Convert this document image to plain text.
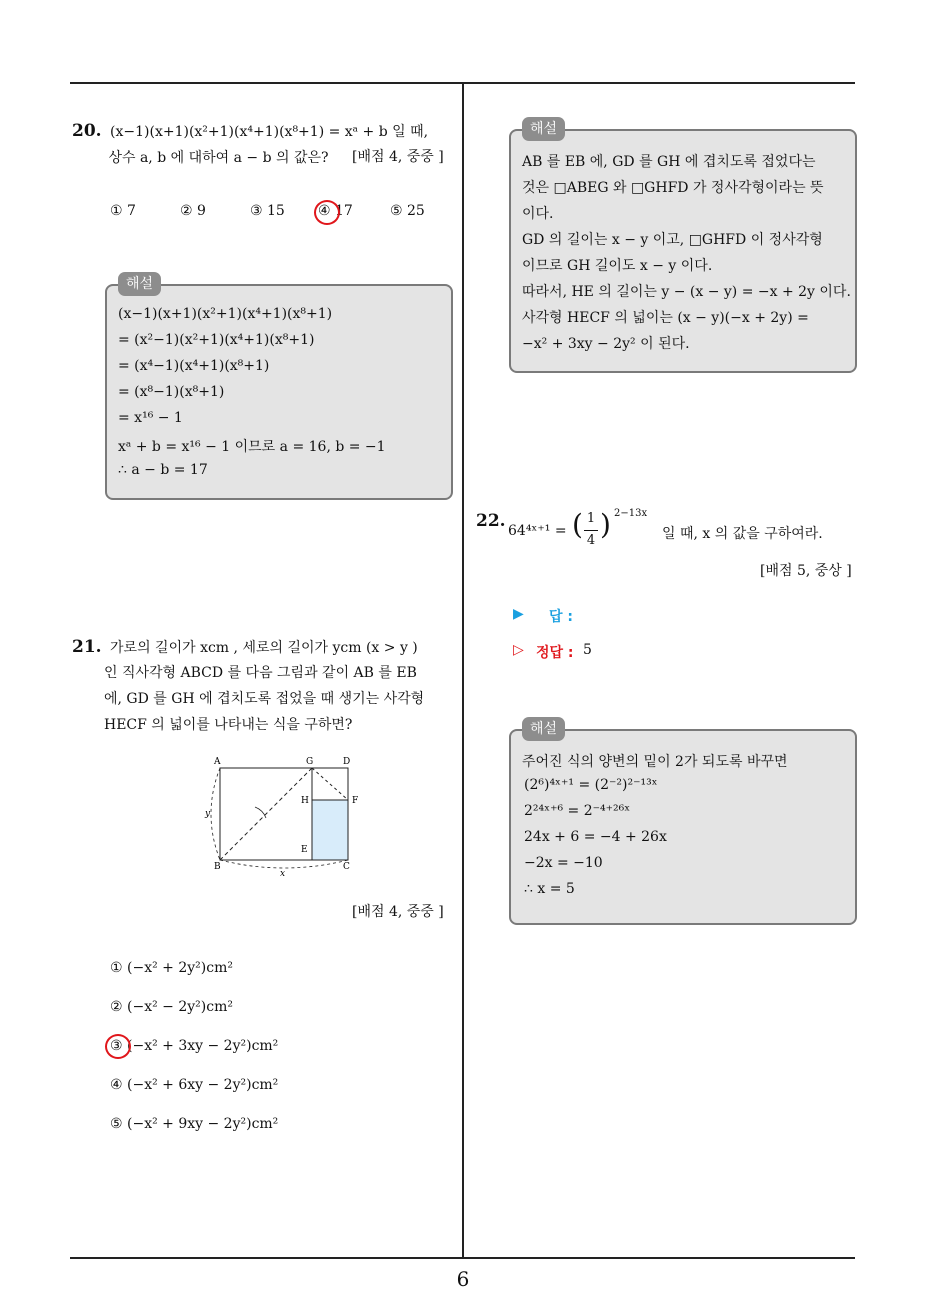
6
20. (x−1)(x+1)(x²+1)(x⁴+1)(x⁸+1) = xᵃ + b 일 때,
상수 a, b 에 대하여 a − b 의 값은?	[배점 4, 중중 ]
① 7	② 9	③ 15 ④ 17	⑤ 25
해설
(x−1)(x+1)(x²+1)(x⁴+1)(x⁸+1)
= (x²−1)(x²+1)(x⁴+1)(x⁸+1)
= (x⁴−1)(x⁴+1)(x⁸+1)
= (x⁸−1)(x⁸+1)
= x¹⁶ − 1
xᵃ + b = x¹⁶ − 1 이므로 a = 16, b = −1
∴ a − b = 17
21. 가로의 길이가 xcm , 세로의 길이가 ycm (x > y )
인 직사각형 ABCD 를 다음 그림과 같이 AB 를 EB
에, GD 를 GH 에 겹치도록 접었을 때 생기는 사각형
HECF 의 넓이를 나타내는 식을 구하면?
A	G	D
H	F
E
B	C
y
x
[배점 4, 중중 ]
① (−x² + 2y²)cm²
② (−x² − 2y²)cm²
③ (−x² + 3xy − 2y²)cm²
④ (−x² + 6xy − 2y²)cm²
⑤ (−x² + 9xy − 2y²)cm²
해설
AB 를 EB 에, GD 를 GH 에 겹치도록 접었다는
것은 □ABEG 와 □GHFD 가 정사각형이라는 뜻
이다.
GD 의 길이는 x − y 이고, □GHFD 이 정사각형
이므로 GH 길이도 x − y 이다.
따라서, HE 의 길이는 y − (x − y) = −x + 2y 이다.
사각형 HECF 의 넓이는 (x − y)(−x + 2y) =
−x² + 3xy − 2y² 이 된다.
22. 64⁴ˣ⁺¹ = ( 1
4 ) 2−13x
일 때, x 의 값을 구하여라.
[배점 5, 중상 ]
▶ 답 :
▷ 정답 : 5
해설
주어진 식의 양변의 밑이 2가 되도록 바꾸면
(2⁶)⁴ˣ⁺¹ = (2⁻²)²⁻¹³ˣ
2²⁴ˣ⁺⁶ = 2⁻⁴⁺²⁶ˣ
24x + 6 = −4 + 26x
−2x = −10
∴ x = 5
